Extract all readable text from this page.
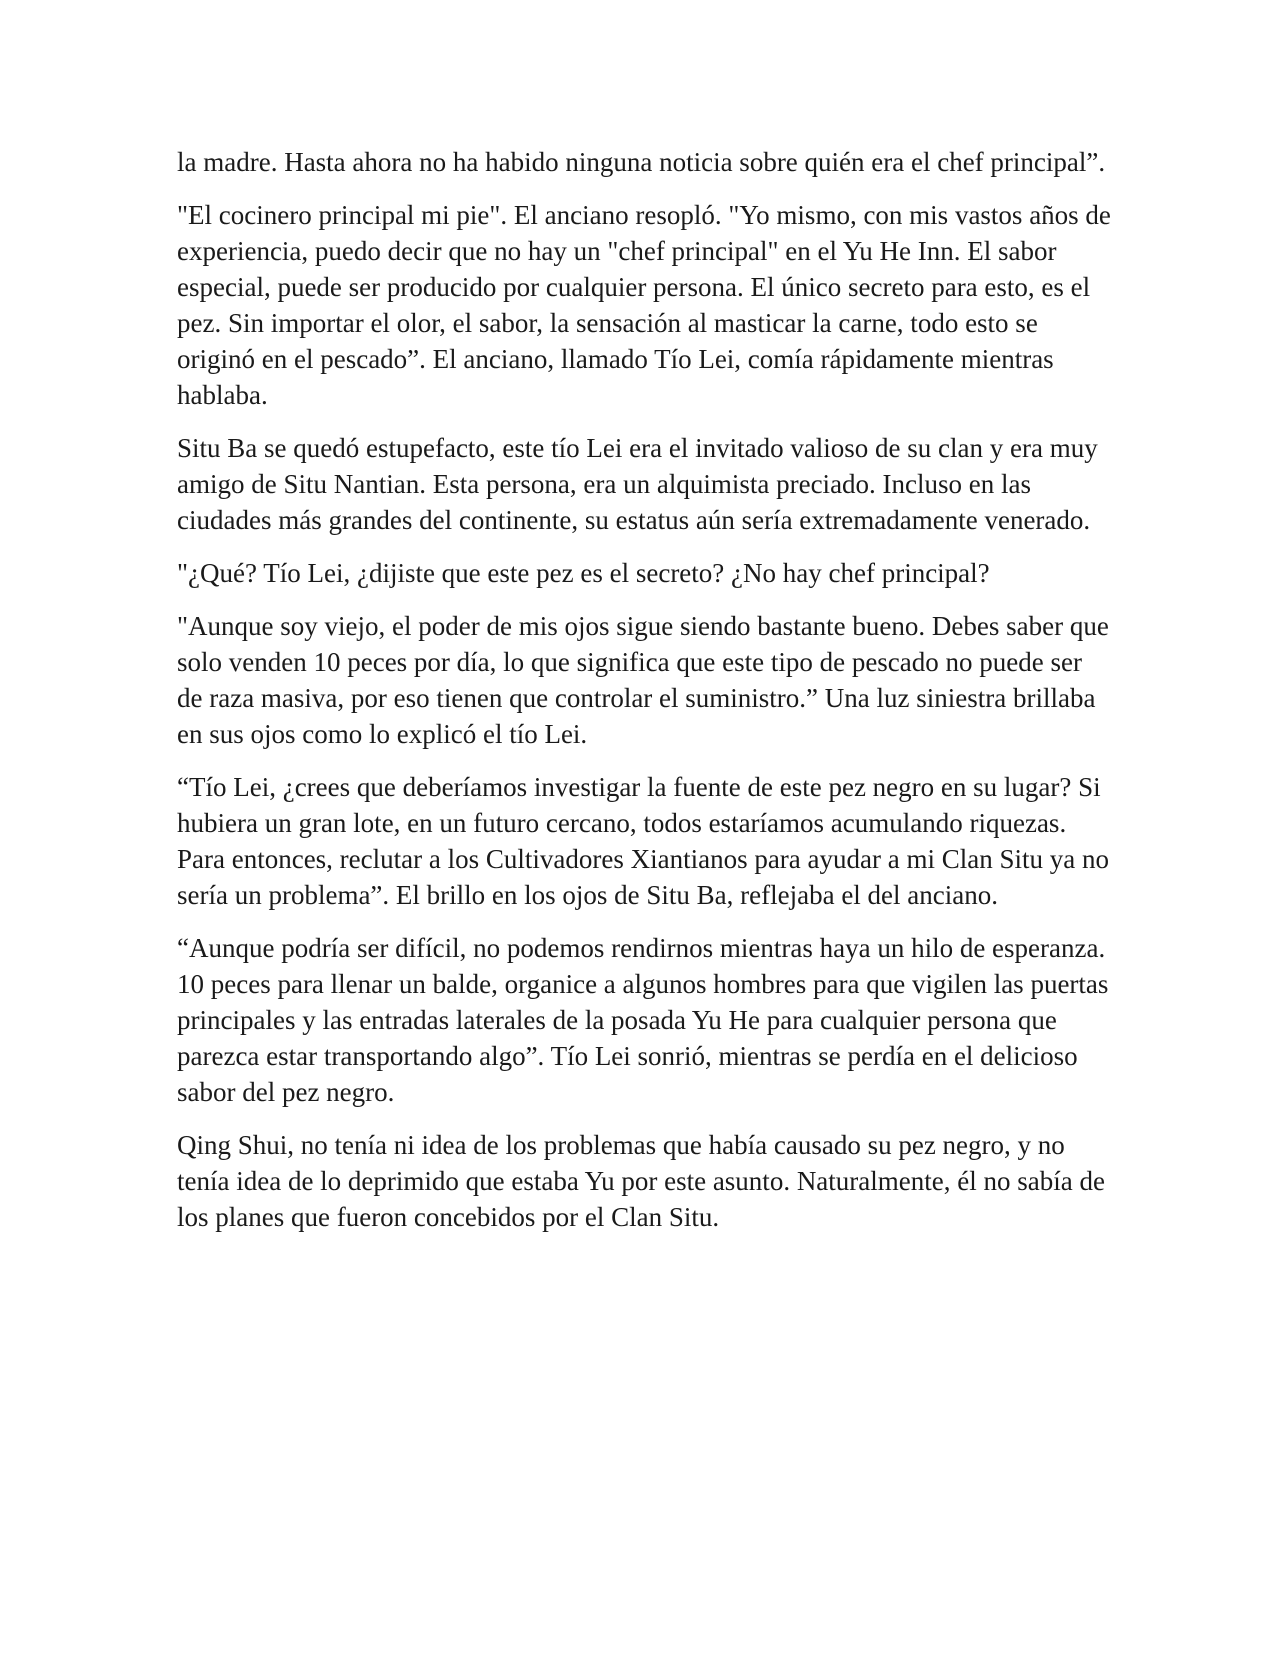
la madre. Hasta ahora no ha habido ninguna noticia sobre quién era el chef principal”.

"El cocinero principal mi pie". El anciano resopló. "Yo mismo, con mis vastos años de experiencia, puedo decir que no hay un "chef principal" en el Yu He Inn. El sabor especial, puede ser producido por cualquier persona. El único secreto para esto, es el pez. Sin importar el olor, el sabor, la sensación al masticar la carne, todo esto se originó en el pescado”. El anciano, llamado Tío Lei, comía rápidamente mientras hablaba.

Situ Ba se quedó estupefacto, este tío Lei era el invitado valioso de su clan y era muy amigo de Situ Nantian. Esta persona, era un alquimista preciado. Incluso en las ciudades más grandes del continente, su estatus aún sería extremadamente venerado.

"¿Qué? Tío Lei, ¿dijiste que este pez es el secreto? ¿No hay chef principal?

"Aunque soy viejo, el poder de mis ojos sigue siendo bastante bueno. Debes saber que solo venden 10 peces por día, lo que significa que este tipo de pescado no puede ser de raza masiva, por eso tienen que controlar el suministro.” Una luz siniestra brillaba en sus ojos como lo explicó el tío Lei.

“Tío Lei, ¿crees que deberíamos investigar la fuente de este pez negro en su lugar? Si hubiera un gran lote, en un futuro cercano, todos estaríamos acumulando riquezas. Para entonces, reclutar a los Cultivadores Xiantianos para ayudar a mi Clan Situ ya no sería un problema”. El brillo en los ojos de Situ Ba, reflejaba el del anciano.

“Aunque podría ser difícil, no podemos rendirnos mientras haya un hilo de esperanza. 10 peces para llenar un balde, organice a algunos hombres para que vigilen las puertas principales y las entradas laterales de la posada Yu He para cualquier persona que parezca estar transportando algo”. Tío Lei sonrió, mientras se perdía en el delicioso sabor del pez negro.

Qing Shui, no tenía ni idea de los problemas que había causado su pez negro, y no tenía idea de lo deprimido que estaba Yu por este asunto. Naturalmente, él no sabía de los planes que fueron concebidos por el Clan Situ.
